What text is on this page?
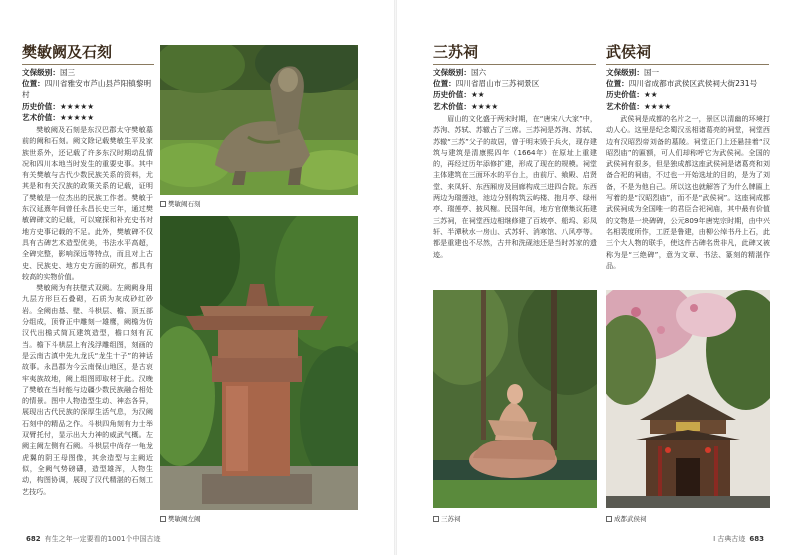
樊敏阙及石刻
文保级别：国三
位置：四川省雅安市芦山县芦阳镇黎明村
历史价值：★★★★★
艺术价值：★★★★★

樊敏阙及石刻是东汉巴郡太守樊敏墓前的阙和石刻。阙文除记载樊敏生平及家族世系外，还记载了许多东汉时期动乱情况和四川本地当时发生的重要史事。其中有关樊敏与古代少数民族关系的资料，尤其是和有关汉族的政策关系的记载，证明了樊敏是一位杰出的民族工作者。樊敏于东汉延熹年间曾任永昌长史三年，通过樊敏碑碑文的记载，可以窥探和补充史书对地方史事记载的不足。此外，樊敏碑不仅具有古碑艺术造型优美，书法水平高超，全碑完整，影响深远等特点，而且对上古史、民族史、地方史方面的研究，都具有较高的实物价值。

樊敏阙为有扶壁式双阙。左阙阙身用九层方形巨石叠砌，石质为灰成砂红砂岩。全阙由基、壁、斗栱层、檐、顶五部分组成，顶脊正中雕刻一雄鹰，阙檐为仿汉代出檐式简瓦建筑造型，檐口刻有瓦当。檐下斗栱层上有浅浮雕组图，刻画的是云南古滇中先九龙氏“龙生十子”的神话故事。永昌郡为今云南保山地区，是古哀牢夷族故地，阙上组图即取材于此。汉晚了樊敏在当时能与边疆少数民族融合相处的情景。图中人物造型生动、神态各异，展现出古代民族的深厚生活气息，为汉阙石刻中的精品之作。斗栱四角刻有力士举双臂托付，显示出大力神的威武气概。左阙主阙左侧有石阙。斗栱层中尚存一龟龙虎翼的阴王母图像，其余造型与主阙近似，全阙气势磅礴，造型雄浑，人物生动，构图协调，展现了汉代精湛的石刻工艺技巧。

樊敏阙石刻
樊敏阙左阙
682 有生之年一定要看的1001个中国古迹
三苏祠
文保级别：国六
位置：四川省眉山市三苏祠景区
历史价值：★★
艺术价值：★★★★

眉山的文化盛于两宋时期，在“唐宋八大家”中，苏洵、苏轼、苏辙占了三席。三苏祠是苏洵、苏轼、苏辙“三苏”父子的故居，曾于明末毁于兵火，现存建筑与建筑是清康熙四年（1664年）在原址上重建的，再经过历年添修扩建，形成了现在的规模。祠堂主体建筑在三面环水的平台上，由前厅、飨殿、启贤堂、来凤轩、东西厢房及回廊构成三进四合院。东西两边为瑞莲池，池边分别构筑云屿楼、抱月亭、绿州亭、瑞莲亭、披风榭。民国年间，地方官僚集议拓建三苏祠，在祠堂西边相继修建了百坡亭、船坞、彩凤轩、半潭秋水一房山、式苏轩、消寒馆、八风亭等。都是重建也不尽然，古井和洗砚池还是当时苏家的遗迹。

三苏祠
武侯祠
文保级别：国一
位置：四川省成都市武侯区武侯祠大街231号
历史价值：★★
艺术价值：★★★★

武侯祠是成都的名片之一，景区以清幽的环境打动人心。这里是纪念蜀汉丞相诸葛亮的祠堂，祠堂西边有汉昭烈帝刘备的墓陵。祠堂正门上还悬挂着“汉昭烈庙”的匾额，可人们却称呼它为武侯祠。全国的武侯祠有很多，但是独成都这座武侯祠是诸葛亮和刘备合祀的祠庙，不过也一开始选址的目的，是为了刘备，不是为他自己。所以这也就解答了为什么牌匾上写着的是“汉昭烈庙”，而不是“武侯祠”。这座祠成都武侯祠成为全国唯一的君臣合祀祠庙，其中最有价值的文物是一块碑碑，公元809年唐宪宗时期，由中兴名相裴度所作，工匠是鲁建，由柳公绰书丹上石，此三个大人物的联手，使这件古碑名贵非凡，此碑又被称为是“三绝碑”，意为文章、书法、篆刻的精湛作品。

成都武侯祠
Ⅰ 古典古迹 683
